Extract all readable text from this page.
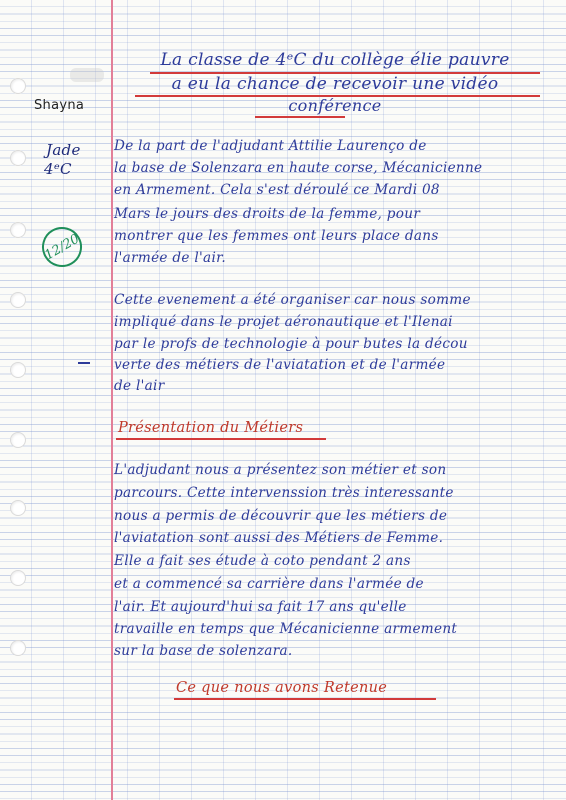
Shayna
Jade
4ᵉC
12/20
La classe de 4ᵉC du collège élie pauvre
a eu la chance de recevoir une vidéo
conférence
De la part de l'adjudant Attilie Laurenço de
la base de Solenzara en haute corse, Mécanicienne
en Armement. Cela s'est déroulé ce Mardi 08
Mars le jours des droits de la femme, pour
montrer que les femmes ont leurs place dans
l'armée de l'air.
Cette evenement a été organiser car nous somme
impliqué dans le projet aéronautique et l'Ilenai
par le profs de technologie à pour butes la décou
verte des métiers de l'aviatation et de l'armée
de l'air
Présentation du Métiers
L'adjudant nous a présentez son métier et son
parcours. Cette intervenssion très interessante
nous a permis de découvrir que les métiers de
l'aviatation sont aussi des Métiers de Femme.
Elle a fait ses étude à coto pendant 2 ans
et a commencé sa carrière dans l'armée de
l'air. Et aujourd'hui sa fait 17 ans qu'elle
travaille en temps que Mécanicienne armement
sur la base de solenzara.
Ce que nous avons Retenue
